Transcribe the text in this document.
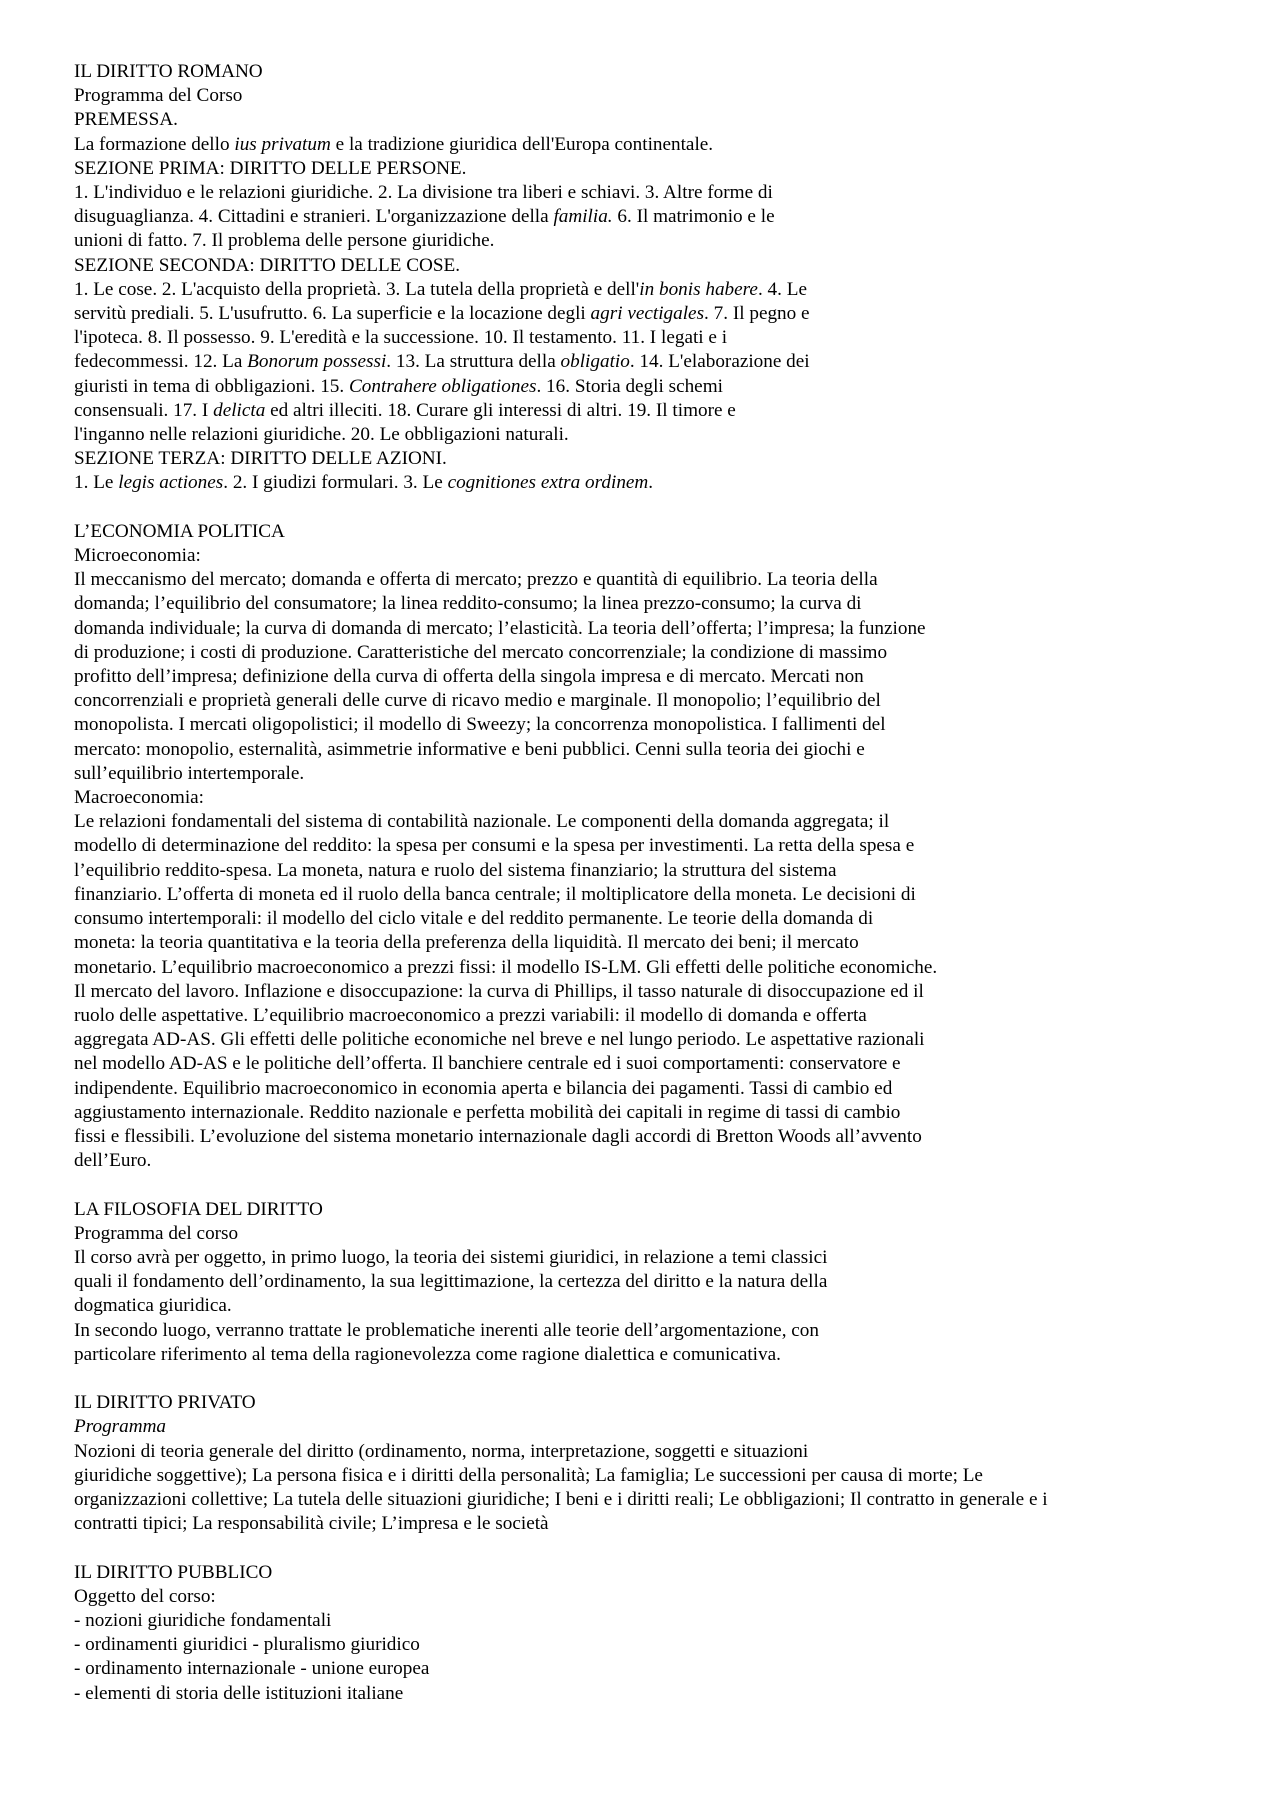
IL DIRITTO ROMANO
Programma del Corso
PREMESSA.
La formazione dello ius privatum e la tradizione giuridica dell'Europa continentale.
SEZIONE PRIMA: DIRITTO DELLE PERSONE.
1. L'individuo e le relazioni giuridiche. 2. La divisione tra liberi e schiavi. 3. Altre forme di
disuguaglianza. 4. Cittadini e stranieri. L'organizzazione della familia. 6. Il matrimonio e le
unioni di fatto. 7. Il problema delle persone giuridiche.
SEZIONE SECONDA: DIRITTO DELLE COSE.
1. Le cose. 2. L'acquisto della proprietà. 3. La tutela della proprietà e dell'in bonis habere. 4. Le
servitù prediali. 5. L'usufrutto. 6. La superficie e la locazione degli agri vectigales. 7. Il pegno e
l'ipoteca. 8. Il possesso. 9. L'eredità e la successione. 10. Il testamento. 11. I legati e i
fedecommessi. 12. La Bonorum possessi. 13. La struttura della obligatio. 14. L'elaborazione dei
giuristi in tema di obbligazioni. 15. Contrahere obligationes. 16. Storia degli schemi
consensuali. 17. I delicta ed altri illeciti. 18. Curare gli interessi di altri. 19. Il timore e
l'inganno nelle relazioni giuridiche. 20. Le obbligazioni naturali.
SEZIONE TERZA: DIRITTO DELLE AZIONI.
1. Le legis actiones. 2. I giudizi formulari. 3. Le cognitiones extra ordinem.
L’ECONOMIA POLITICA
Microeconomia:
Il meccanismo del mercato; domanda e offerta di mercato; prezzo e quantità di equilibrio. La teoria della
domanda; l’equilibrio del consumatore; la linea reddito-consumo; la linea prezzo-consumo; la curva di
domanda individuale; la curva di domanda di mercato; l’elasticità. La teoria dell’offerta; l’impresa; la funzione
di produzione; i costi di produzione. Caratteristiche del mercato concorrenziale; la condizione di massimo
profitto dell’impresa; definizione della curva di offerta della singola impresa e di mercato. Mercati non
concorrenziali e proprietà generali delle curve di ricavo medio e marginale. Il monopolio; l’equilibrio del
monopolista. I mercati oligopolistici; il modello di Sweezy; la concorrenza monopolistica. I fallimenti del
mercato: monopolio, esternalità, asimmetrie informative e beni pubblici. Cenni sulla teoria dei giochi e
sull’equilibrio intertemporale.
Macroeconomia:
Le relazioni fondamentali del sistema di contabilità nazionale. Le componenti della domanda aggregata; il
modello di determinazione del reddito: la spesa per consumi e la spesa per investimenti. La retta della spesa e
l’equilibrio reddito-spesa. La moneta, natura e ruolo del sistema finanziario; la struttura del sistema
finanziario. L’offerta di moneta ed il ruolo della banca centrale; il moltiplicatore della moneta. Le decisioni di
consumo intertemporali: il modello del ciclo vitale e del reddito permanente. Le teorie della domanda di
moneta: la teoria quantitativa e la teoria della preferenza della liquidità. Il mercato dei beni; il mercato
monetario. L’equilibrio macroeconomico a prezzi fissi: il modello IS-LM. Gli effetti delle politiche economiche.
Il mercato del lavoro. Inflazione e disoccupazione: la curva di Phillips, il tasso naturale di disoccupazione ed il
ruolo delle aspettative. L’equilibrio macroeconomico a prezzi variabili: il modello di domanda e offerta
aggregata AD-AS. Gli effetti delle politiche economiche nel breve e nel lungo periodo. Le aspettative razionali
nel modello AD-AS e le politiche dell’offerta. Il banchiere centrale ed i suoi comportamenti: conservatore e
indipendente. Equilibrio macroeconomico in economia aperta e bilancia dei pagamenti. Tassi di cambio ed
aggiustamento internazionale. Reddito nazionale e perfetta mobilità dei capitali in regime di tassi di cambio
fissi e flessibili. L’evoluzione del sistema monetario internazionale dagli accordi di Bretton Woods all’avvento
dell’Euro.
LA FILOSOFIA DEL DIRITTO
Programma del corso
Il corso avrà per oggetto, in primo luogo, la teoria dei sistemi giuridici, in relazione a temi classici
quali il fondamento dell’ordinamento, la sua legittimazione, la certezza del diritto e la natura della
dogmatica giuridica.
In secondo luogo, verranno trattate le problematiche inerenti alle teorie dell’argomentazione, con
particolare riferimento al tema della ragionevolezza come ragione dialettica e comunicativa.
IL DIRITTO PRIVATO
Programma
Nozioni di teoria generale del diritto (ordinamento, norma, interpretazione, soggetti e situazioni
giuridiche soggettive); La persona fisica e i diritti della personalità; La famiglia; Le successioni per causa di morte; Le
organizzazioni collettive; La tutela delle situazioni giuridiche; I beni e i diritti reali; Le obbligazioni; Il contratto in generale e i
contratti tipici; La responsabilità civile; L’impresa e le società
IL DIRITTO PUBBLICO
Oggetto del corso:
- nozioni giuridiche fondamentali
- ordinamenti giuridici - pluralismo giuridico
- ordinamento internazionale - unione europea
- elementi di storia delle istituzioni italiane
